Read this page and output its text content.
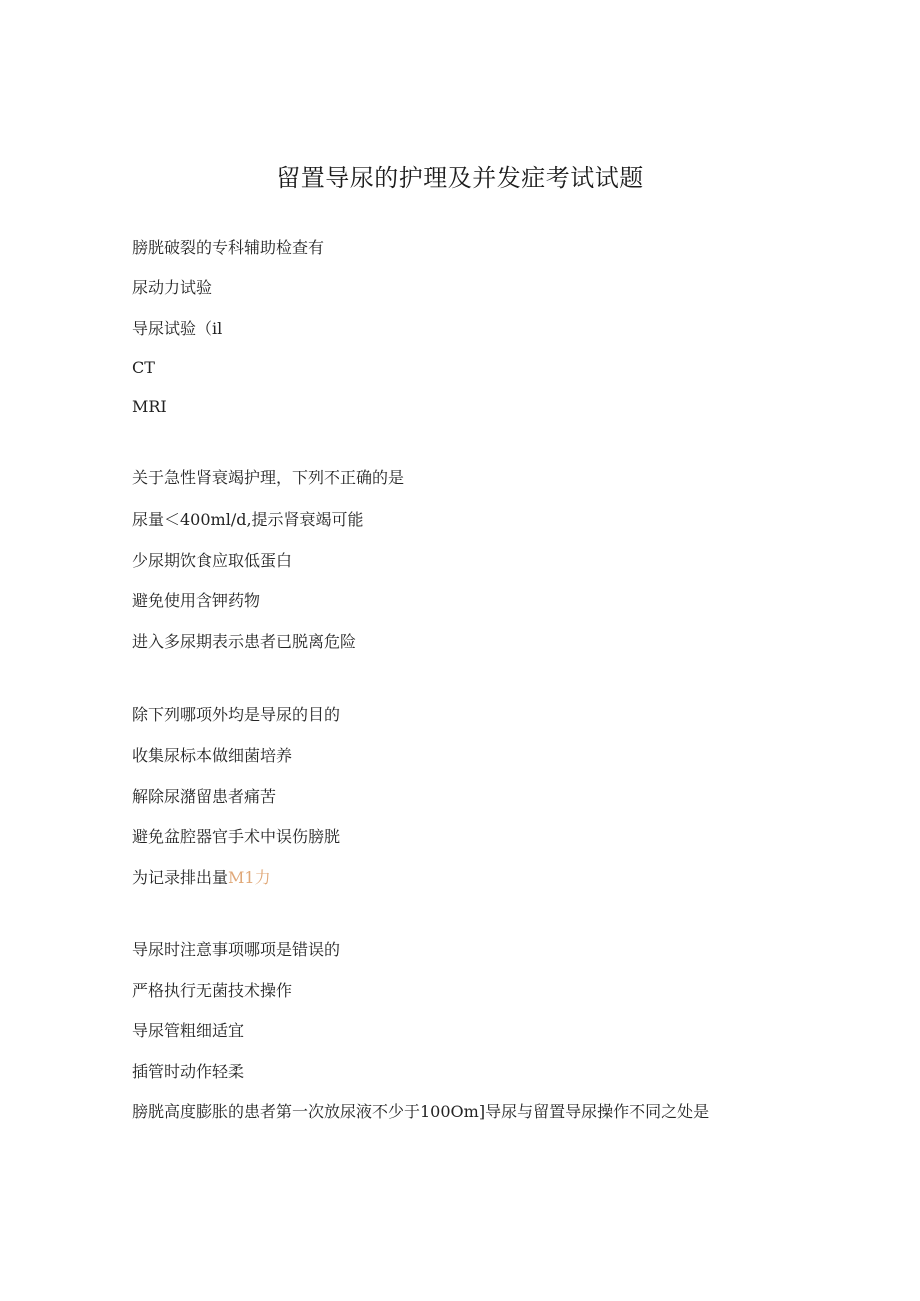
留置导尿的护理及并发症考试试题
膀胱破裂的专科辅助检查有
尿动力试验
导尿试验（il
CT
MRI
关于急性肾衰竭护理，下列不正确的是
尿量＜400ml∕d,提示肾衰竭可能
少尿期饮食应取低蛋白
避免使用含钾药物
进入多尿期表示患者已脱离危险
除下列哪项外均是导尿的目的
收集尿标本做细菌培养
解除尿潴留患者痛苦
避免盆腔器官手术中误伤膀胱
为记录排出量M1力
导尿时注意事项哪项是错误的
严格执行无菌技术操作
导尿管粗细适宜
插管时动作轻柔
膀胱高度膨胀的患者第一次放尿液不少于100Om]导尿与留置导尿操作不同之处是
